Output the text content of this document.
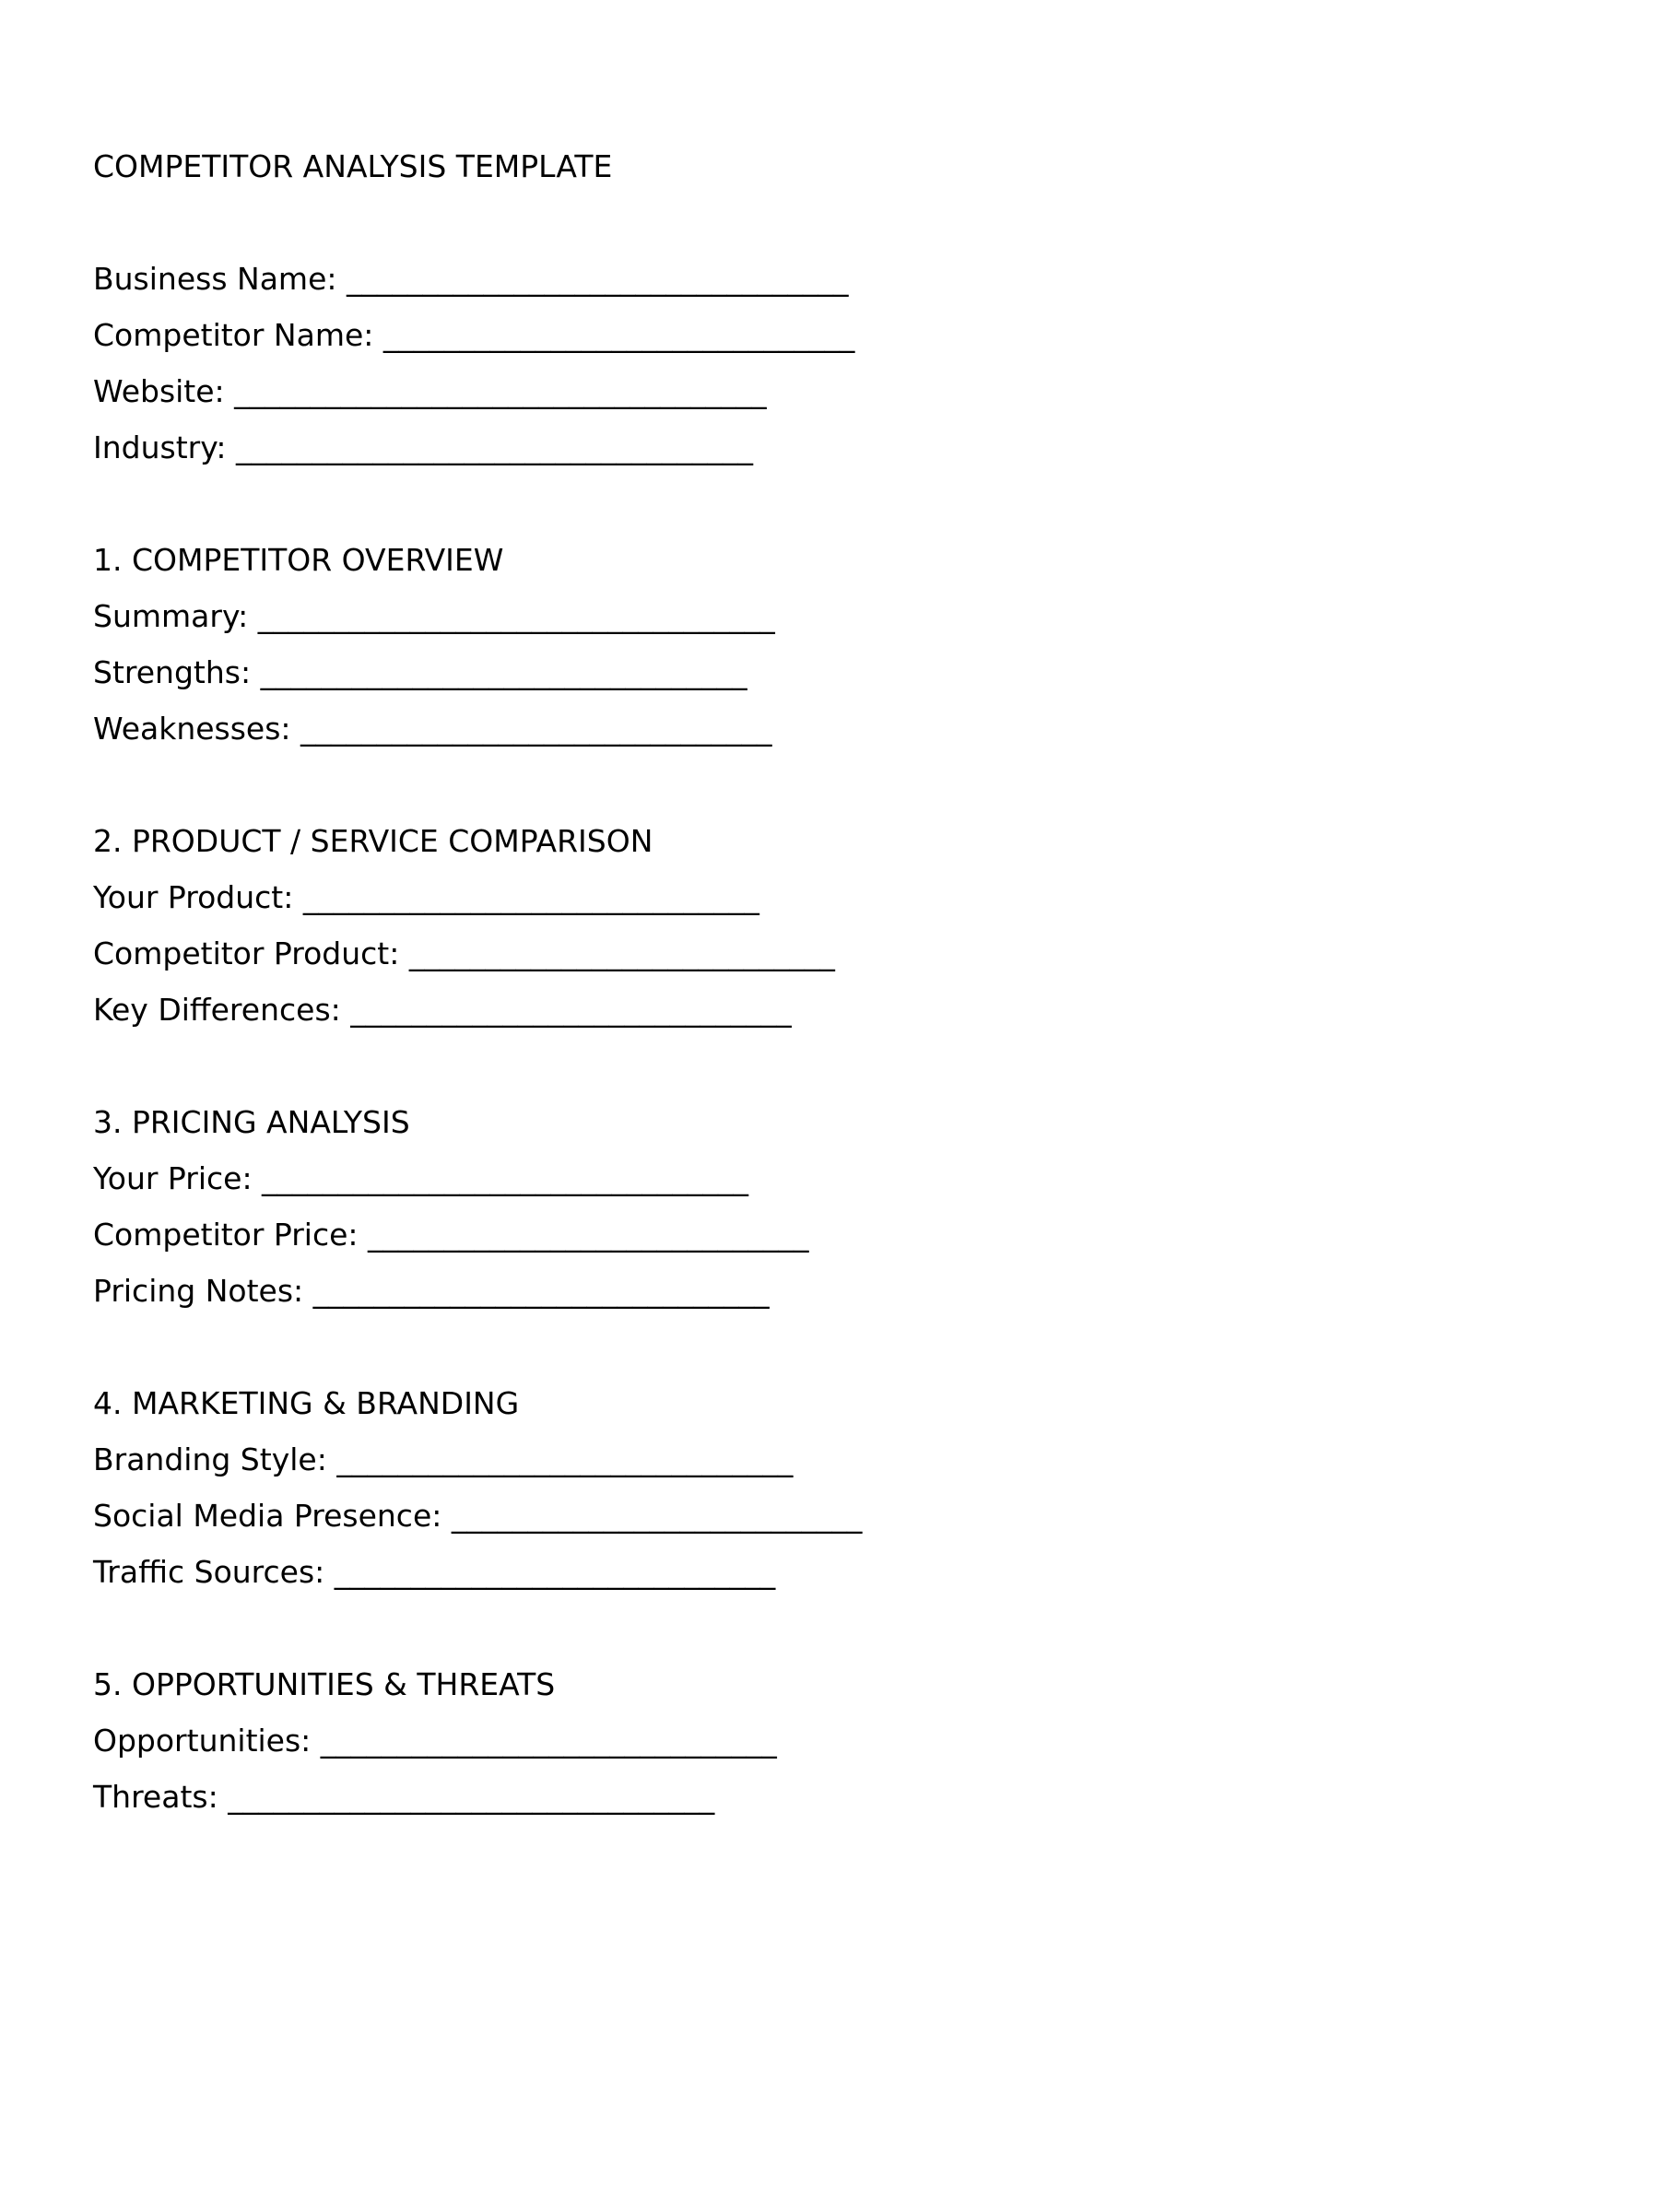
COMPETITOR ANALYSIS TEMPLATE
Business Name: _________________________________
Competitor Name: _______________________________
Website: ___________________________________
Industry: __________________________________
1. COMPETITOR OVERVIEW
Summary: __________________________________
Strengths: ________________________________
Weaknesses: _______________________________
2. PRODUCT / SERVICE COMPARISON
Your Product: ______________________________
Competitor Product: ____________________________
Key Differences: _____________________________
3. PRICING ANALYSIS
Your Price: ________________________________
Competitor Price: _____________________________
Pricing Notes: ______________________________
4. MARKETING & BRANDING
Branding Style: ______________________________
Social Media Presence: ___________________________
Traffic Sources: _____________________________
5. OPPORTUNITIES & THREATS
Opportunities: ______________________________
Threats: ________________________________
